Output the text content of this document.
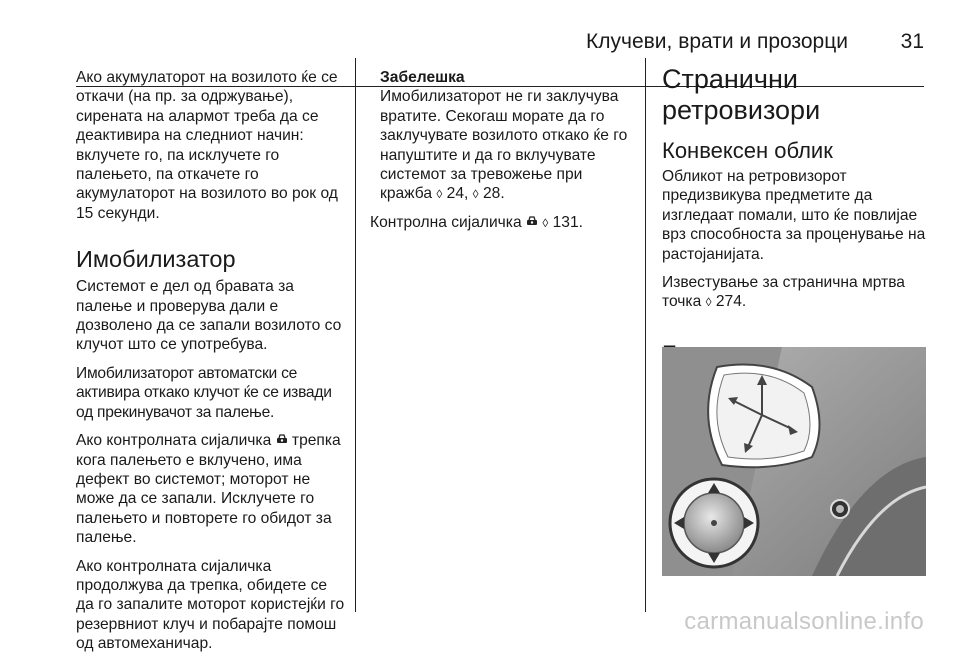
Клучеви, врати и прозорци	31

Ако акумулаторот на возилото ќе се откачи (на пр. за одржување), сирената на алармот треба да се деактивира на следниот начин: вклучете го, па исклучете го палењето, па откачете го акумулаторот на возилото во рок од 15 секунди.

Имобилизатор

Системот е дел од бравата за палење и проверува дали е дозволено да се запали возилото со клучот што се употребува.

Имобилизаторот автоматски се активира откако клучот ќе се извади од прекинувачот за палење.

Ако контролната сијаличка  трепка кога палењето е вклучено, има дефект во системот; моторот не може да се запали. Исклучете го палењето и повторете го обидот за палење.

Ако контролната сијаличка продолжува да трепка, обидете се да го запалите моторот користејќи го резервниот клуч и побарајте помош од автомеханичар.

Забелешка

Имобилизаторот не ги заклучува вратите. Секогаш морате да го заклучувате возилото откако ќе го напуштите и да го вклучувате системот за тревожење при кражба ◊ 24, ◊ 28.

Контролна сијаличка  ◊ 131.

Странични ретровизори
Конвексен облик

Обликот на ретровизорот предизвикува предметите да изгледаат помали, што ќе повлијае врз способноста за проценување на растојанијата.

Известување за странична мртва точка ◊ 274.

carmanualsonline.info
